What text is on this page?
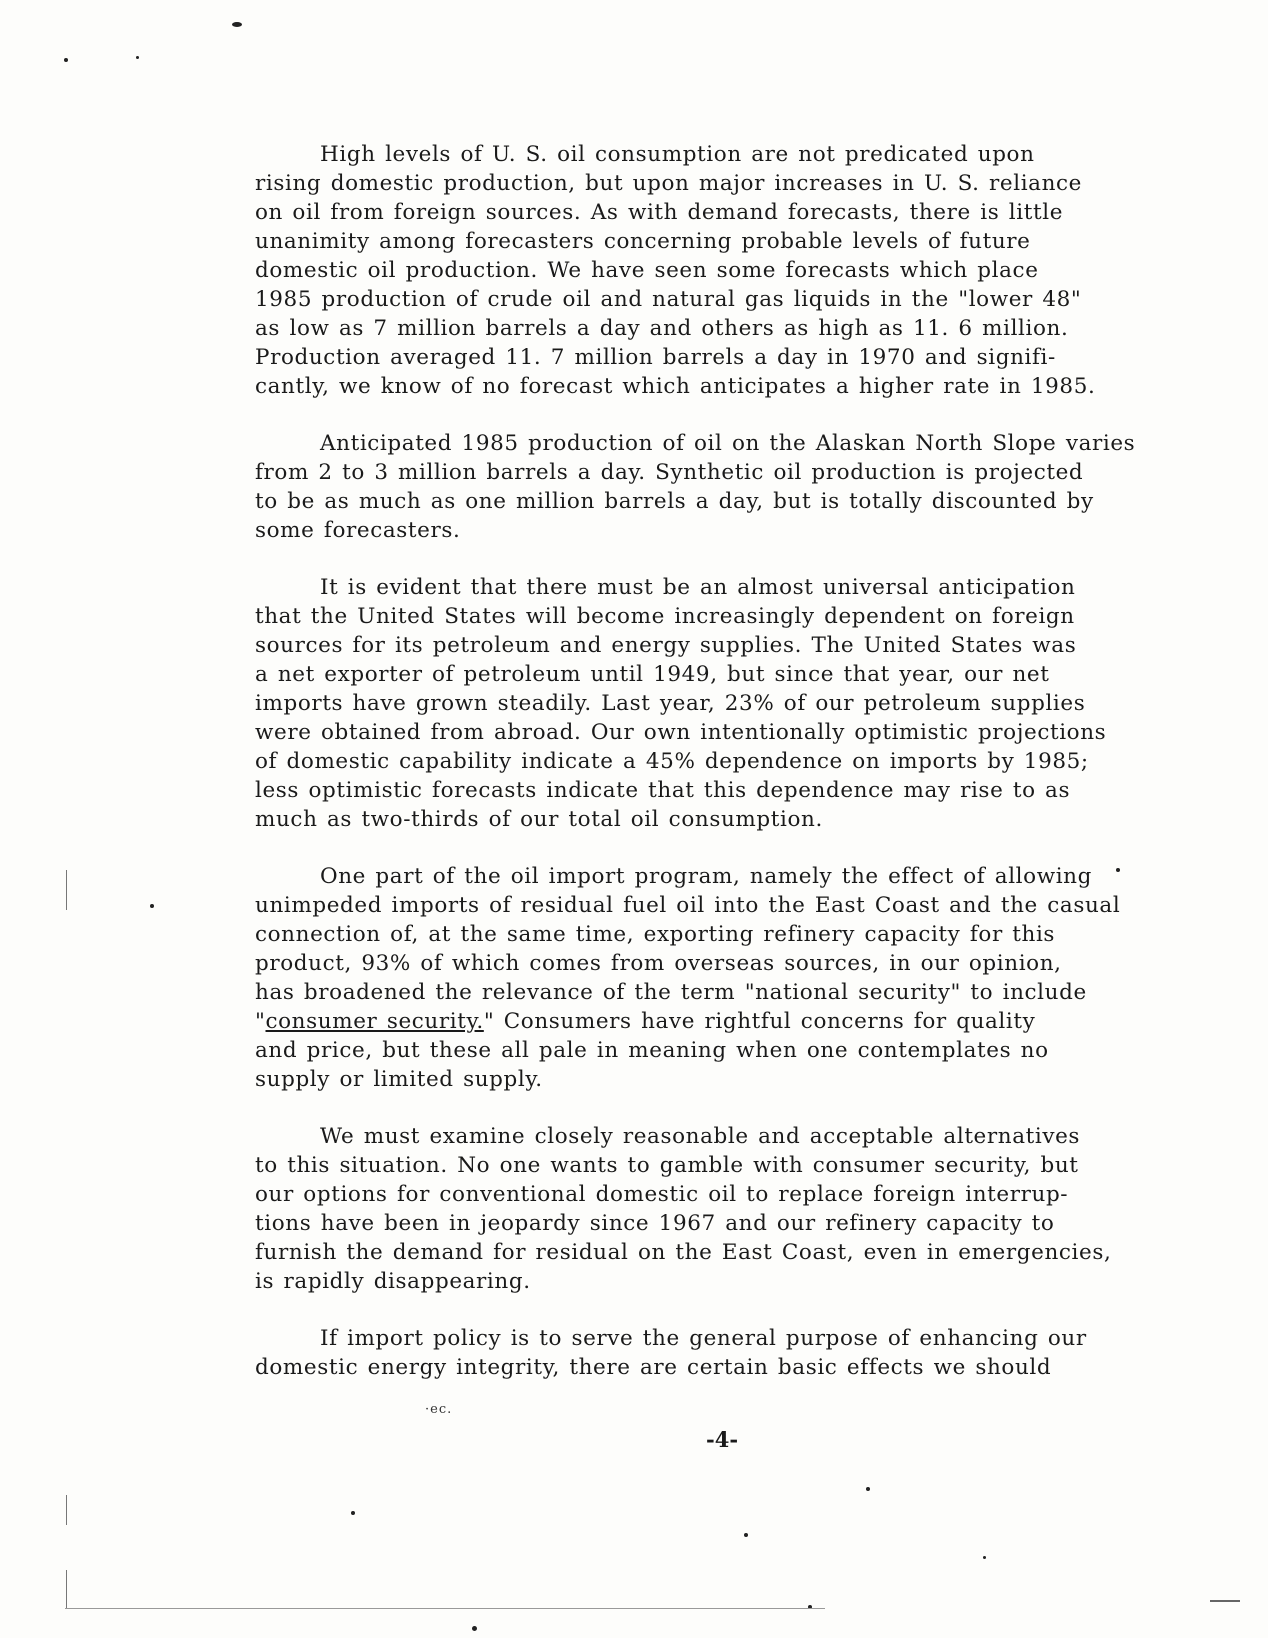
High levels of U. S. oil consumption are not predicated upon
rising domestic production, but upon major increases in U. S. reliance
on oil from foreign sources. As with demand forecasts, there is little
unanimity among forecasters concerning probable levels of future
domestic oil production. We have seen some forecasts which place
1985 production of crude oil and natural gas liquids in the "lower 48"
as low as 7 million barrels a day and others as high as 11. 6 million.
Production averaged 11. 7 million barrels a day in 1970 and signifi-
cantly, we know of no forecast which anticipates a higher rate in 1985.

Anticipated 1985 production of oil on the Alaskan North Slope varies
from 2 to 3 million barrels a day. Synthetic oil production is projected
to be as much as one million barrels a day, but is totally discounted by
some forecasters.

It is evident that there must be an almost universal anticipation
that the United States will become increasingly dependent on foreign
sources for its petroleum and energy supplies. The United States was
a net exporter of petroleum until 1949, but since that year, our net
imports have grown steadily. Last year, 23% of our petroleum supplies
were obtained from abroad. Our own intentionally optimistic projections
of domestic capability indicate a 45% dependence on imports by 1985;
less optimistic forecasts indicate that this dependence may rise to as
much as two-thirds of our total oil consumption.

One part of the oil import program, namely the effect of allowing
unimpeded imports of residual fuel oil into the East Coast and the casual
connection of, at the same time, exporting refinery capacity for this
product, 93% of which comes from overseas sources, in our opinion,
has broadened the relevance of the term "national security" to include
"consumer security." Consumers have rightful concerns for quality
and price, but these all pale in meaning when one contemplates no
supply or limited supply.

We must examine closely reasonable and acceptable alternatives
to this situation. No one wants to gamble with consumer security, but
our options for conventional domestic oil to replace foreign interrup-
tions have been in jeopardy since 1967 and our refinery capacity to
furnish the demand for residual on the East Coast, even in emergencies,
is rapidly disappearing.

If import policy is to serve the general purpose of enhancing our
domestic energy integrity, there are certain basic effects we should

·ec.
-4-
